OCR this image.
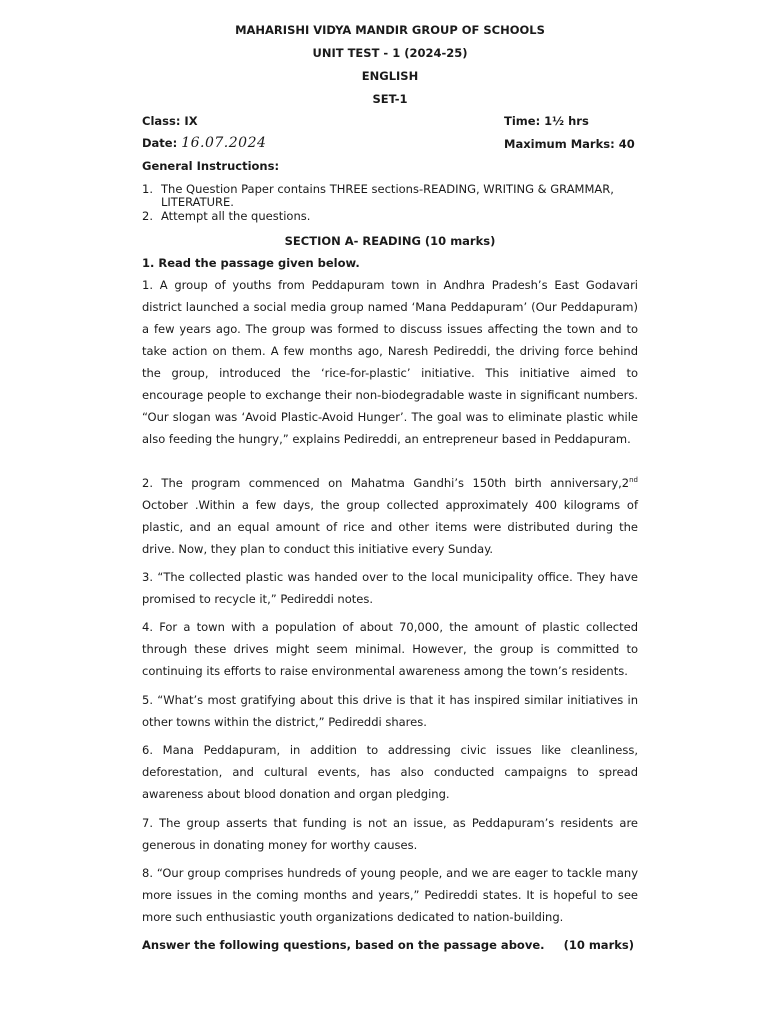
MAHARISHI VIDYA MANDIR GROUP OF SCHOOLS
UNIT TEST - 1 (2024-25)
ENGLISH
SET-1
Class: IX	Time: 1½ hrs
Date: 16.07.2024	Maximum Marks: 40
General Instructions:
1. The Question Paper contains THREE sections-READING, WRITING & GRAMMAR, LITERATURE.
2. Attempt all the questions.
SECTION A- READING (10 marks)
1. Read the passage given below.
1. A group of youths from Peddapuram town in Andhra Pradesh’s East Godavari district launched a social media group named ‘Mana Peddapuram’ (Our Peddapuram) a few years ago. The group was formed to discuss issues affecting the town and to take action on them. A few months ago, Naresh Pedireddi, the driving force behind the group, introduced the ‘rice-for-plastic’ initiative. This initiative aimed to encourage people to exchange their non-biodegradable waste in significant numbers. “Our slogan was ‘Avoid Plastic-Avoid Hunger’. The goal was to eliminate plastic while also feeding the hungry,” explains Pedireddi, an entrepreneur based in Peddapuram.
2. The program commenced on Mahatma Gandhi’s 150th birth anniversary,2nd October .Within a few days, the group collected approximately 400 kilograms of plastic, and an equal amount of rice and other items were distributed during the drive. Now, they plan to conduct this initiative every Sunday.
3. “The collected plastic was handed over to the local municipality office. They have promised to recycle it,” Pedireddi notes.
4. For a town with a population of about 70,000, the amount of plastic collected through these drives might seem minimal. However, the group is committed to continuing its efforts to raise environmental awareness among the town’s residents.
5. “What’s most gratifying about this drive is that it has inspired similar initiatives in other towns within the district,” Pedireddi shares.
6. Mana Peddapuram, in addition to addressing civic issues like cleanliness, deforestation, and cultural events, has also conducted campaigns to spread awareness about blood donation and organ pledging.
7. The group asserts that funding is not an issue, as Peddapuram’s residents are generous in donating money for worthy causes.
8. “Our group comprises hundreds of young people, and we are eager to tackle many more issues in the coming months and years,” Pedireddi states. It is hopeful to see more such enthusiastic youth organizations dedicated to nation-building.
Answer the following questions, based on the passage above. (10 marks)
